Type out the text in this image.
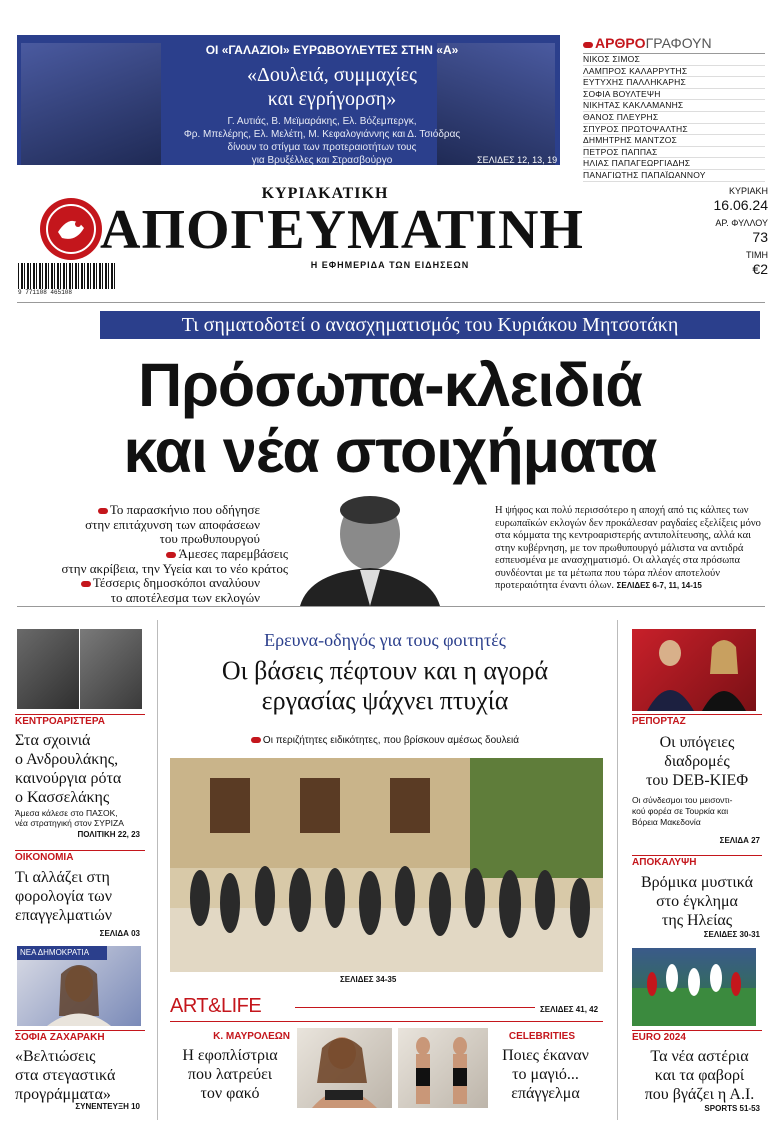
ΟΙ «ΓΑΛΑΖΙΟΙ» ΕΥΡΩΒΟΥΛΕΥΤΕΣ ΣΤΗΝ «Α»
«Δουλειά, συμμαχίες
και εγρήγορση»
Γ. Αυτιάς, Β. Μεϊμαράκης, Ελ. Βόζεμπεργκ,
Φρ. Μπελέρης, Ελ. Μελέτη, Μ. Κεφαλογιάννης και Δ. Τσιόδρας
δίνουν το στίγμα των προτεραιοτήτων τους
για Βρυξέλλες και Στρασβούργο	ΣΕΛΙΔΕΣ 12, 13, 19
ΑΡΘΡΟΓΡΑΦΟΥΝ
ΝΙΚΟΣ ΣΙΜΟΣ
ΛΑΜΠΡΟΣ ΚΑΛΑΡΡΥΤΗΣ
ΕΥΤΥΧΗΣ ΠΑΛΛΗΚΑΡΗΣ
ΣΟΦΙΑ ΒΟΥΛΤΕΨΗ
ΝΙΚΗΤΑΣ ΚΑΚΛΑΜΑΝΗΣ
ΘΑΝΟΣ ΠΛΕΥΡΗΣ
ΣΠΥΡΟΣ ΠΡΩΤΟΨΑΛΤΗΣ
ΔΗΜΗΤΡΗΣ ΜΑΝΤΖΟΣ
ΠΕΤΡΟΣ ΠΑΠΠΑΣ
ΗΛΙΑΣ ΠΑΠΑΓΕΩΡΓΙΑΔΗΣ
ΠΑΝΑΓΙΩΤΗΣ ΠΑΠΑΪΩΑΝΝΟΥ
ΚΥΡΙΑΚΑΤΙΚΗ
ΑΠΟΓΕΥΜΑΤΙΝΗ
Η ΕΦΗΜΕΡΙΔΑ ΤΩΝ ΕΙΔΗΣΕΩΝ
9 771108 465108
ΚΥΡΙΑΚΗ
16.06.24
ΑΡ. ΦΥΛΛΟΥ
73
ΤΙΜΗ
€2
Τι σηματοδοτεί ο ανασχηματισμός του Κυριάκου Μητσοτάκη
Πρόσωπα-κλειδιά
και νέα στοιχήματα
Το παρασκήνιο που οδήγησε
στην επιτάχυνση των αποφάσεων
του πρωθυπουργού
Άμεσες παρεμβάσεις
στην ακρίβεια, την Υγεία και το νέο κράτος
Τέσσερις δημοσκόποι αναλύουν
το αποτέλεσμα των εκλογών
Η ψήφος και πολύ περισσότερο η αποχή από τις κάλπες των ευρωπαϊκών εκλογών δεν προκάλεσαν ραγδαίες εξελίξεις μόνο στα κόμματα της κεντροαριστερής αντιπολίτευσης, αλλά και στην κυβέρνηση, με τον πρωθυπουργό μάλιστα να αντιδρά εσπευσμένα με ανασχηματισμό. Οι αλλαγές στα πρόσωπα συνδέονται με τα μέτωπα που τώρα πλέον αποτελούν προτεραιότητα έναντι όλων. ΣΕΛΙΔΕΣ 6-7, 11, 14-15
ΚΕΝΤΡΟΑΡΙΣΤΕΡΑ
Στα σχοινιά
ο Ανδρουλάκης,
καινούργια ρότα
ο Κασσελάκης
Άμεσα κάλεσε στο ΠΑΣΟΚ,
νέα στρατηγική στον ΣΥΡΙΖΑ
ΠΟΛΙΤΙΚΗ 22, 23
ΟΙΚΟΝΟΜΙΑ
Τι αλλάζει στη
φορολογία των
επαγγελματιών
ΣΕΛΙΔΑ 03
ΝΕΑ ΔΗΜΟΚΡΑΤΙΑ
ΣΟΦΙΑ ΖΑΧΑΡΑΚΗ
«Βελτιώσεις
στα στεγαστικά
προγράμματα»
ΣΥΝΕΝΤΕΥΞΗ 10
Ερευνα-οδηγός για τους φοιτητές
Οι βάσεις πέφτουν και η αγορά
εργασίας ψάχνει πτυχία
Οι περιζήτητες ειδικότητες, που βρίσκουν αμέσως δουλειά
ΣΕΛΙΔΕΣ 34-35
ART&LIFE	ΣΕΛΙΔΕΣ 41, 42
Κ. ΜΑΥΡΟΛΕΩΝ
Η εφοπλίστρια
που λατρεύει
τον φακό
CELEBRITIES
Ποιες έκαναν
το μαγιό...
επάγγελμα
ΡΕΠΟΡΤΑΖ
Οι υπόγειες
διαδρομές
του DEB-ΚΙΕΦ
Οι σύνδεσμοι του μεισοντι-
κού φορέα σε Τουρκία και
Βόρεια Μακεδονία
ΣΕΛΙΔΑ 27
ΑΠΟΚΑΛΥΨΗ
Βρόμικα μυστικά
στο έγκλημα
της Ηλείας
ΣΕΛΙΔΕΣ 30-31
EURO 2024
Τα νέα αστέρια
και τα φαβορί
που βγάζει η Α.Ι.
SPORTS 51-53
